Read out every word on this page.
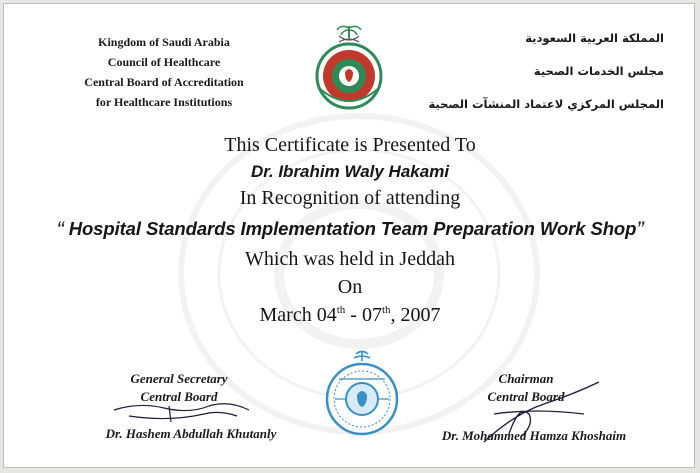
Kingdom of Saudi Arabia
Council of Healthcare
Central Board of Accreditation
for Healthcare Institutions
المملكة العربية السعودية
مجلس الخدمات الصحية
المجلس المركزي لاعتماد المنشآت الصحية
This Certificate is Presented To
Dr. Ibrahim Waly Hakami
In Recognition of attending
“ Hospital Standards Implementation Team Preparation Work Shop”
Which was held in Jeddah
On
March 04th - 07th, 2007
General Secretary
Central Board
Dr. Hashem Abdullah Khutanly
Chairman
Central Board
Dr. Mohammed Hamza Khoshaim
